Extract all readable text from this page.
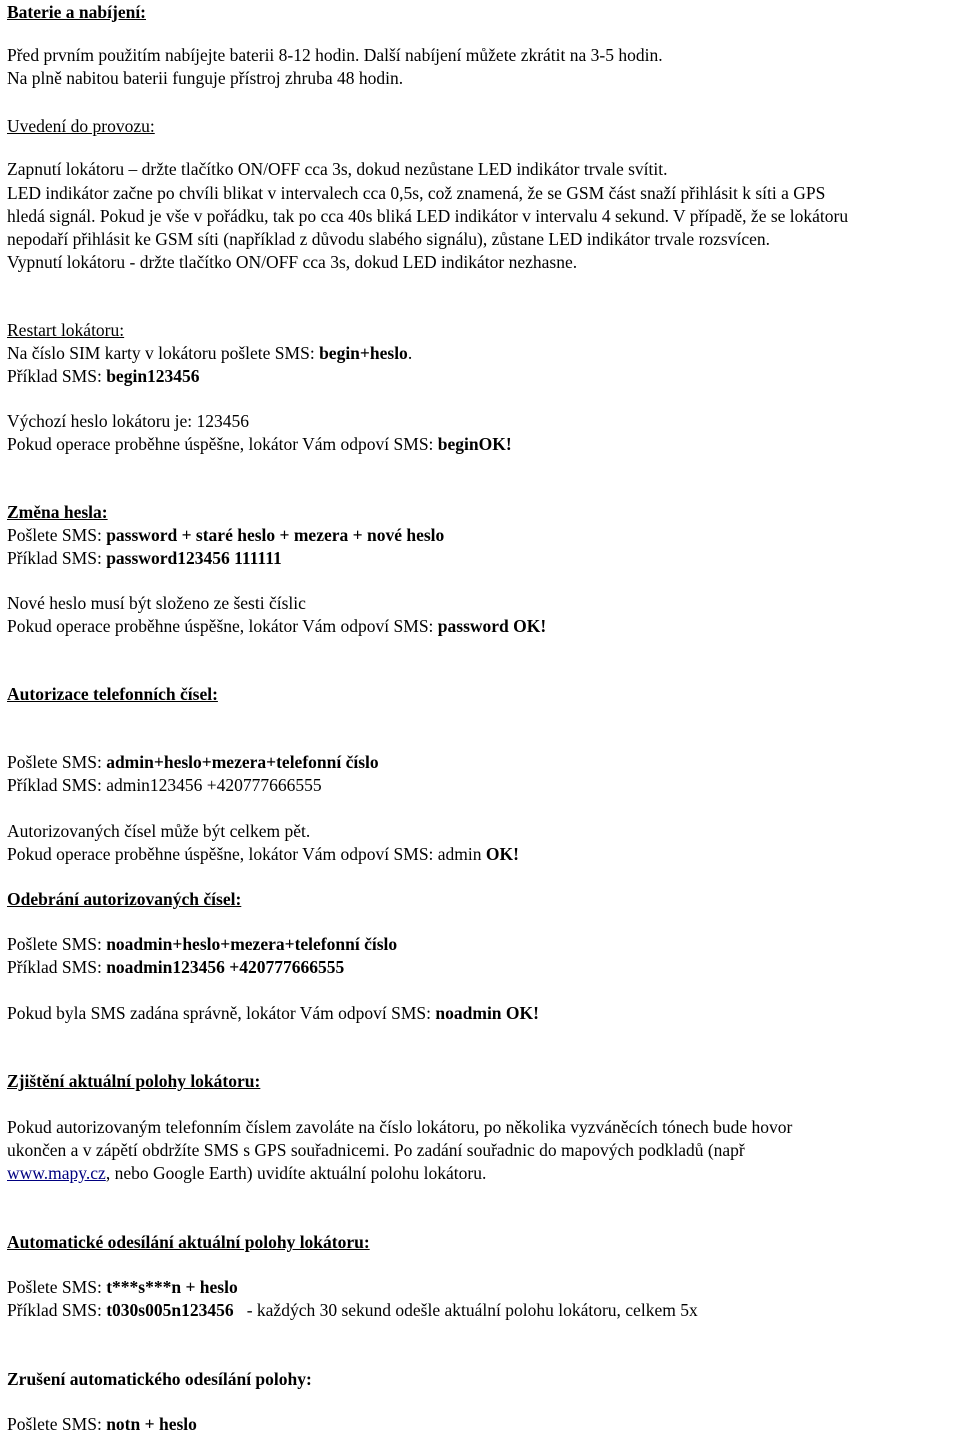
Baterie a nabíjení:
Před prvním použitím nabíjejte baterii 8-12 hodin. Další nabíjení můžete zkrátit na 3-5 hodin.
Na plně nabitou baterii funguje přístroj zhruba 48 hodin.
Uvedení do provozu:
Zapnutí lokátoru – držte tlačítko ON/OFF cca 3s, dokud nezůstane LED indikátor trvale svítit.
LED indikátor začne po chvíli blikat v intervalech cca 0,5s, což znamená, že se GSM část snaží přihlásit k síti a GPS
hledá signál. Pokud je vše v pořádku, tak po cca 40s bliká LED indikátor v intervalu 4 sekund. V případě, že se lokátoru
nepodaří přihlásit ke GSM síti (například z důvodu slabého signálu), zůstane LED indikátor trvale rozsvícen.
Vypnutí lokátoru - držte tlačítko ON/OFF cca 3s, dokud LED indikátor nezhasne.
Restart lokátoru:
Na číslo SIM karty v lokátoru pošlete SMS: begin+heslo.
Příklad SMS: begin123456
Výchozí heslo lokátoru je: 123456
Pokud operace proběhne úspěšne, lokátor Vám odpoví SMS: beginOK!
Změna hesla:
Pošlete SMS: password + staré heslo + mezera + nové heslo
Příklad SMS: password123456 111111
Nové heslo musí být složeno ze šesti číslic
Pokud operace proběhne úspěšne, lokátor Vám odpoví SMS: password OK!
Autorizace telefonních čísel:
Pošlete SMS: admin+heslo+mezera+telefonní číslo
Příklad SMS: admin123456 +420777666555
Autorizovaných čísel může být celkem pět.
Pokud operace proběhne úspěšne, lokátor Vám odpoví SMS: admin OK!
Odebrání autorizovaných čísel:
Pošlete SMS: noadmin+heslo+mezera+telefonní číslo
Příklad SMS: noadmin123456 +420777666555
Pokud byla SMS zadána správně, lokátor Vám odpoví SMS: noadmin OK!
Zjištění aktuální polohy lokátoru:
Pokud autorizovaným telefonním číslem zavoláte na číslo lokátoru, po několika vyzváněcích tónech bude hovor
ukončen a v zápětí obdržíte SMS s GPS souřadnicemi. Po zadání souřadnic do mapových podkladů (např
www.mapy.cz, nebo Google Earth) uvidíte aktuální polohu lokátoru.
Automatické odesílání aktuální polohy lokátoru:
Pošlete SMS: t***s***n + heslo
Příklad SMS: t030s005n123456   - každých 30 sekund odešle aktuální polohu lokátoru, celkem 5x
Zrušení automatického odesílání polohy:
Pošlete SMS: notn + heslo
